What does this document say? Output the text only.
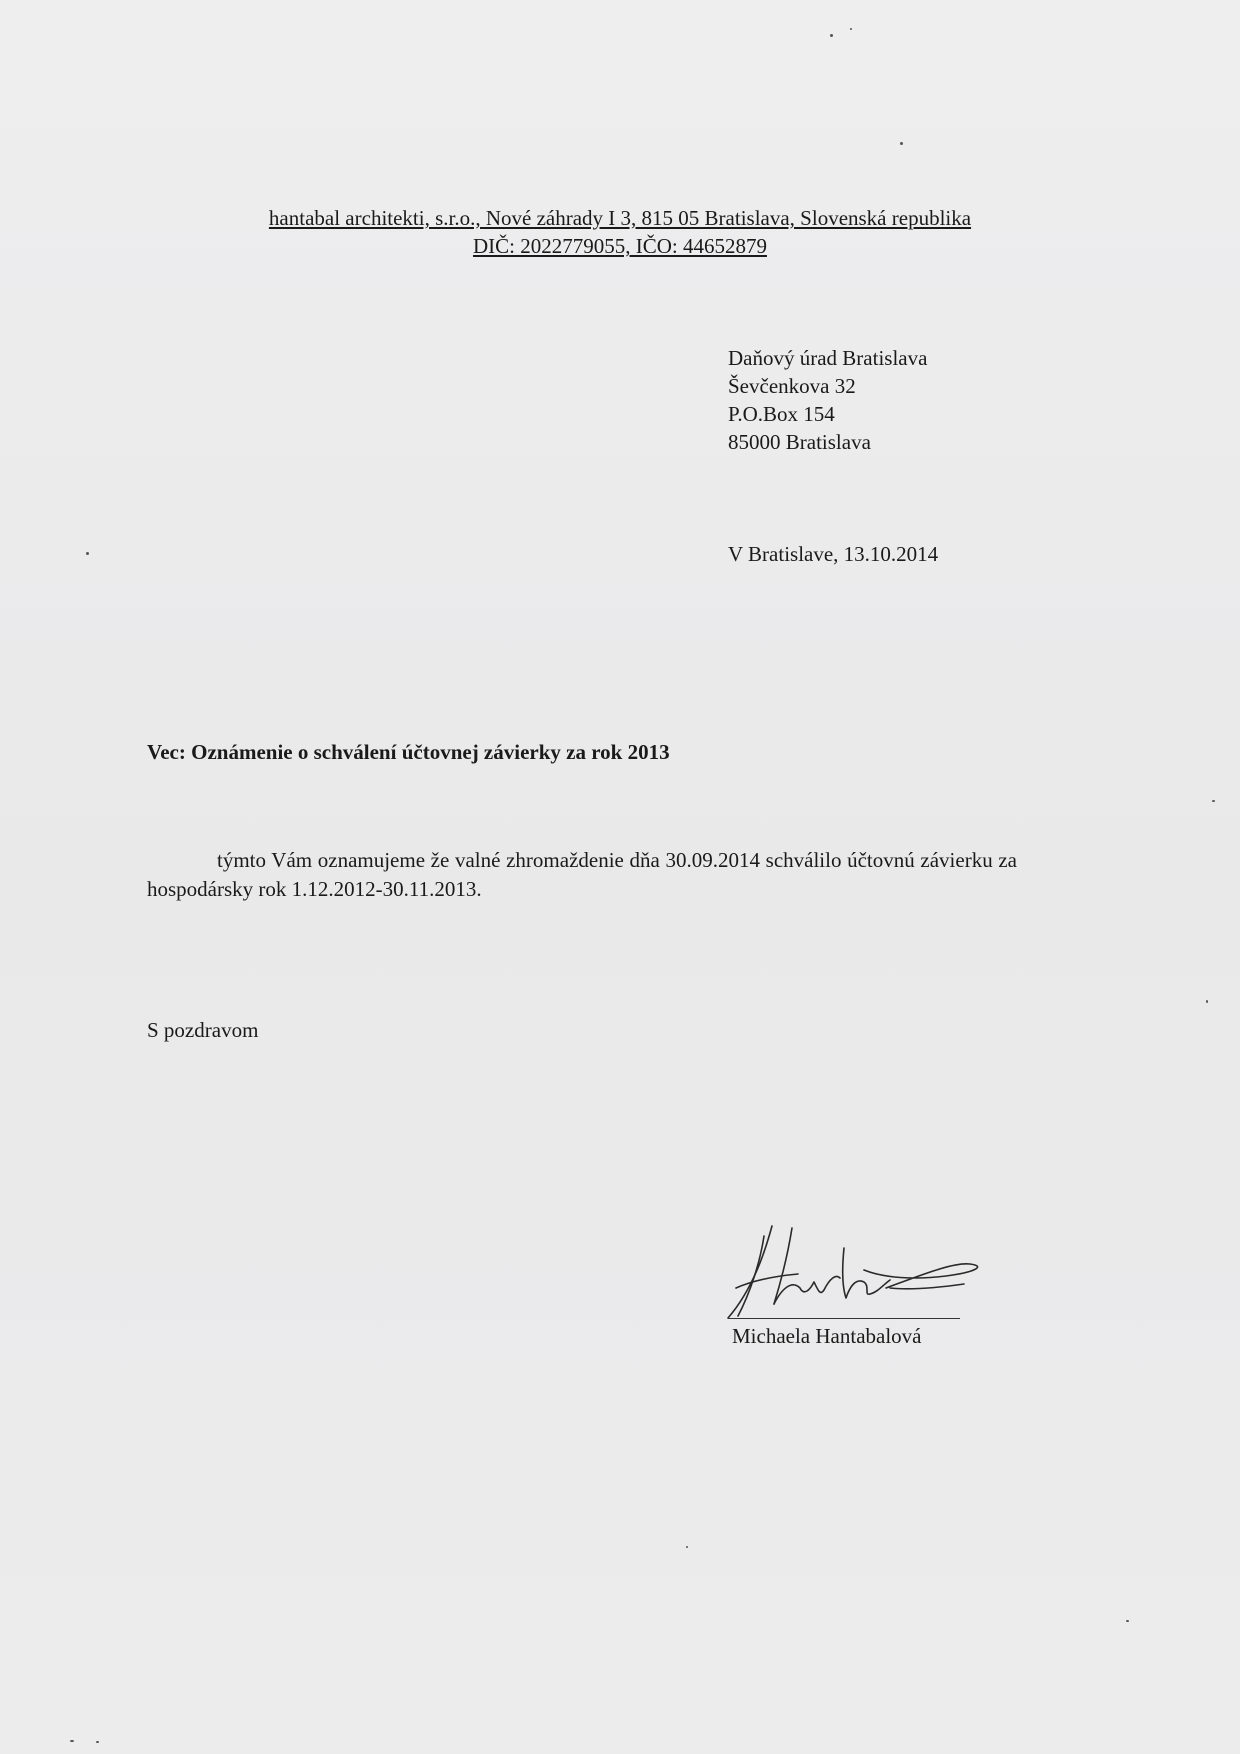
hantabal architekti, s.r.o., Nové záhrady I 3, 815 05 Bratislava, Slovenská republika
DIČ: 2022779055, IČO: 44652879
Daňový úrad Bratislava
Ševčenkova 32
P.O.Box 154
85000 Bratislava
V Bratislave, 13.10.2014
Vec: Oznámenie o schválení účtovnej závierky za rok 2013
týmto Vám oznamujeme že valné zhromaždenie dňa 30.09.2014 schválilo účtovnú závierku za hospodársky rok 1.12.2012-30.11.2013.
S pozdravom
Michaela Hantabalová
